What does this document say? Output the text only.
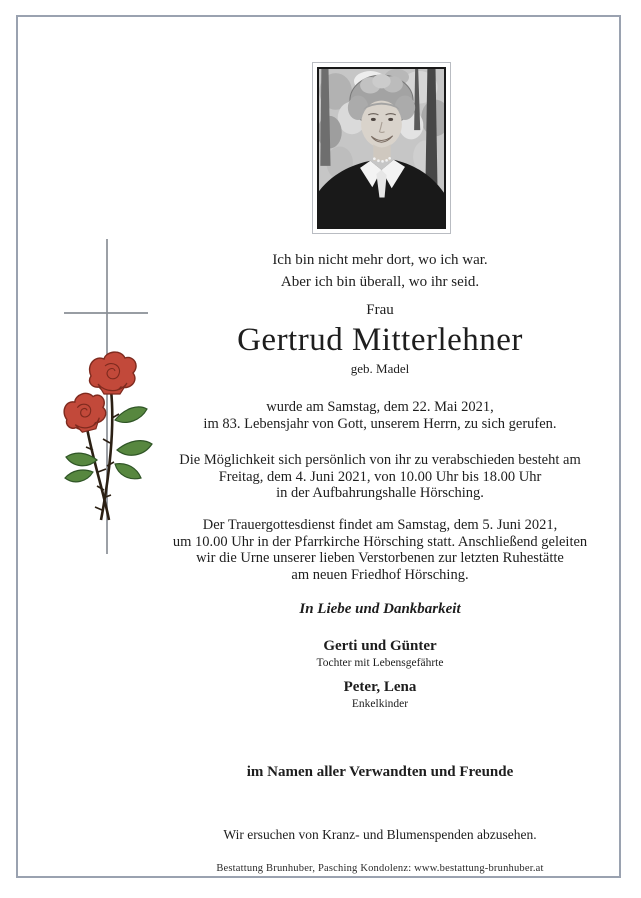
Ich bin nicht mehr dort, wo ich war.
Aber ich bin überall, wo ihr seid.
Frau
Gertrud Mitterlehner
geb. Madel
wurde am Samstag, dem 22. Mai 2021,
im 83. Lebensjahr von Gott, unserem Herrn, zu sich gerufen.
Die Möglichkeit sich persönlich von ihr zu verabschieden besteht am
Freitag, dem 4. Juni 2021, von 10.00 Uhr bis 18.00 Uhr
in der Aufbahrungshalle Hörsching.
Der Trauergottesdienst findet am Samstag, dem 5. Juni 2021,
um 10.00 Uhr in der Pfarrkirche Hörsching statt. Anschließend geleiten
wir die Urne unserer lieben Verstorbenen zur letzten Ruhestätte
am neuen Friedhof Hörsching.
In Liebe und Dankbarkeit
Gerti und Günter
Tochter mit Lebensgefährte
Peter, Lena
Enkelkinder
im Namen aller Verwandten und Freunde
Wir ersuchen von Kranz- und Blumenspenden abzusehen.
Bestattung Brunhuber, Pasching Kondolenz: www.bestattung-brunhuber.at
